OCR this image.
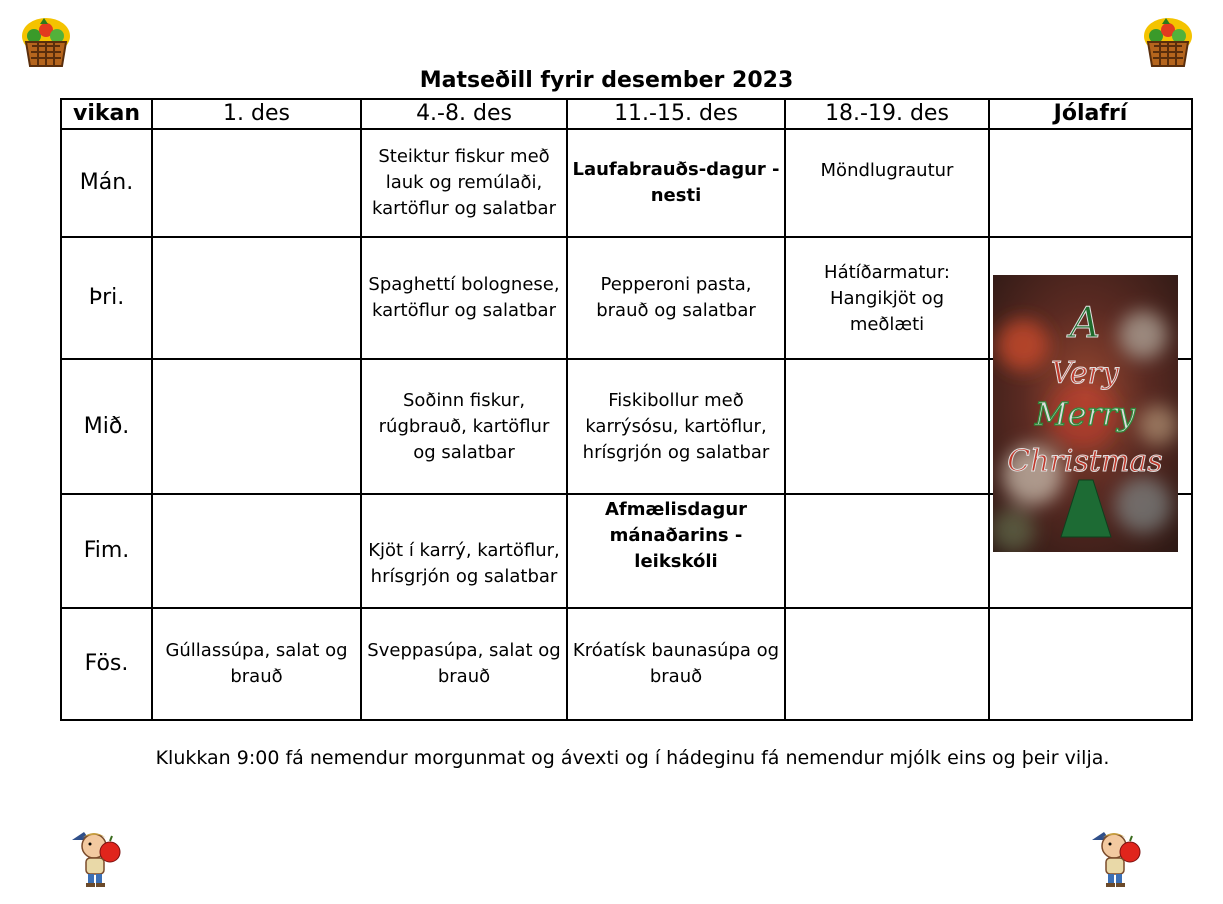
Matseðill fyrir desember 2023
vikan	1. des	4.-8. des	11.-15. des	18.-19. des	Jólafrí
Mán.		Steiktur fiskur með lauk og remúlaði, kartöflur og salatbar	Laufabrauðs-dagur - nesti	Möndlugrautur	
Þri.		Spaghettí bolognese, kartöflur og salatbar	Pepperoni pasta, brauð og salatbar	Hátíðarmatur: Hangikjöt og meðlæti	
Mið.		Soðinn fiskur, rúgbrauð, kartöflur og salatbar	Fiskibollur með karrýsósu, kartöflur, hrísgrjón og salatbar		
Fim.		Kjöt í karrý, kartöflur, hrísgrjón og salatbar	Afmælisdagur mánaðarins - leikskóli		
Fös.	Gúllassúpa, salat og brauð	Sveppasúpa, salat og brauð	Króatísk baunasúpa og brauð		
A
Very
Merry
Christmas
Klukkan 9:00 fá nemendur morgunmat og ávexti og í hádeginu fá nemendur mjólk eins og þeir vilja.
